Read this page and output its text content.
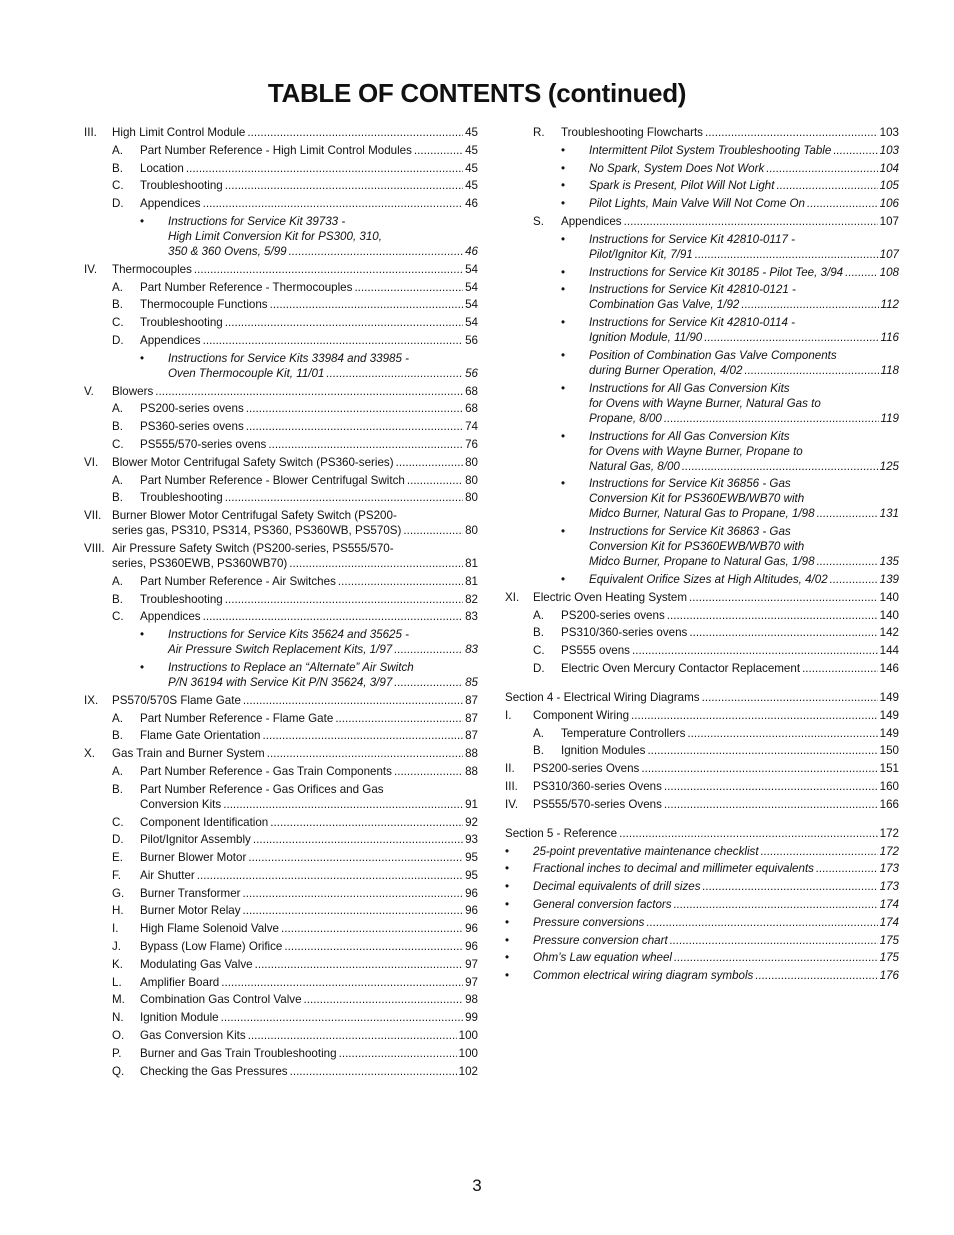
TABLE OF CONTENTS (continued)
III. High Limit Control Module . . .	45
A. Part Number Reference - High Limit Control Modules . . .	45
B. Location . . .	45
C. Troubleshooting . . .	45
D. Appendices . . .	46
• Instructions for Service Kit 39733 -
High Limit Conversion Kit for PS300, 310,
350 & 360 Ovens, 5/99 . . .	46
IV. Thermocouples . . .	54
A. Part Number Reference - Thermocouples . . .	54
B. Thermocouple Functions . . .	54
C. Troubleshooting . . .	54
D. Appendices . . .	56
• Instructions for Service Kits 33984 and 33985 -
Oven Thermocouple Kit, 11/01 . . .	56
V. Blowers . . .	68
A. PS200-series ovens . . .	68
B. PS360-series ovens . . .	74
C. PS555/570-series ovens . . .	76
VI. Blower Motor Centrifugal Safety Switch (PS360-series) . . .	80
A. Part Number Reference - Blower Centrifugal Switch . . .	80
B. Troubleshooting . . .	80
VII. Burner Blower Motor Centrifugal Safety Switch (PS200-
series gas, PS310, PS314, PS360, PS360WB, PS570S) . . .	80
VIII. Air Pressure Safety Switch (PS200-series, PS555/570-
series, PS360EWB, PS360WB70) . . .	81
A. Part Number Reference - Air Switches . . .	81
B. Troubleshooting . . .	82
C. Appendices . . .	83
• Instructions for Service Kits 35624 and 35625 -
Air Pressure Switch Replacement Kits, 1/97 . . .	83
• Instructions to Replace an “Alternate” Air Switch
P/N 36194 with Service Kit P/N 35624, 3/97 . . .	85
IX. PS570/570S Flame Gate . . .	87
A. Part Number Reference - Flame Gate . . .	87
B. Flame Gate Orientation . . .	87
X. Gas Train and Burner System . . .	88
A. Part Number Reference - Gas Train Components . . .	88
B. Part Number Reference - Gas Orifices and Gas
Conversion Kits . . .	91
C. Component Identification . . .	92
D. Pilot/Ignitor Assembly . . .	93
E. Burner Blower Motor . . .	95
F. Air Shutter . . .	95
G. Burner Transformer . . .	96
H. Burner Motor Relay . . .	96
I. High Flame Solenoid Valve . . .	96
J. Bypass (Low Flame) Orifice . . .	96
K. Modulating Gas Valve . . .	97
L. Amplifier Board . . .	97
M. Combination Gas Control Valve . . .	98
N. Ignition Module . . .	99
O. Gas Conversion Kits . . .	100
P. Burner and Gas Train Troubleshooting . . .	100
Q. Checking the Gas Pressures . . .	102
R. Troubleshooting Flowcharts . . .	103
• Intermittent Pilot System Troubleshooting Table . . .	103
• No Spark, System Does Not Work . . .	104
• Spark is Present, Pilot Will Not Light . . .	105
• Pilot Lights, Main Valve Will Not Come On . . .	106
S. Appendices . . .	107
• Instructions for Service Kit 42810-0117 -
Pilot/Ignitor Kit, 7/91 . . .	107
• Instructions for Service Kit 30185 - Pilot Tee, 3/94 . . .	108
• Instructions for Service Kit 42810-0121 -
Combination Gas Valve, 1/92 . . .	112
• Instructions for Service Kit 42810-0114 -
Ignition Module, 11/90 . . .	116
• Position of Combination Gas Valve Components
during Burner Operation, 4/02 . . .	118
• Instructions for All Gas Conversion Kits
for Ovens with Wayne Burner, Natural Gas to
Propane, 8/00 . . .	119
• Instructions for All Gas Conversion Kits
for Ovens with Wayne Burner, Propane to
Natural Gas, 8/00 . . .	125
• Instructions for Service Kit 36856 - Gas
Conversion Kit for PS360EWB/WB70 with
Midco Burner, Natural Gas to Propane, 1/98 . . .	131
• Instructions for Service Kit 36863 - Gas
Conversion Kit for PS360EWB/WB70 with
Midco Burner, Propane to Natural Gas, 1/98 . . .	135
• Equivalent Orifice Sizes at High Altitudes, 4/02 . . .	139
XI. Electric Oven Heating System . . .	140
A. PS200-series ovens . . .	140
B. PS310/360-series ovens . . .	142
C. PS555 ovens . . .	144
D. Electric Oven Mercury Contactor Replacement . . .	146
Section 4 - Electrical Wiring Diagrams . . .	149
I. Component Wiring . . .	149
A. Temperature Controllers . . .	149
B. Ignition Modules . . .	150
II. PS200-series Ovens . . .	151
III. PS310/360-series Ovens . . .	160
IV. PS555/570-series Ovens . . .	166
Section 5 - Reference . . .	172
• 25-point preventative maintenance checklist . . .	172
• Fractional inches to decimal and millimeter equivalents . . .	173
• Decimal equivalents of drill sizes . . .	173
• General conversion factors . . .	174
• Pressure conversions . . .	174
• Pressure conversion chart . . .	175
• Ohm’s Law equation wheel . . .	175
• Common electrical wiring diagram symbols . . .	176
3
